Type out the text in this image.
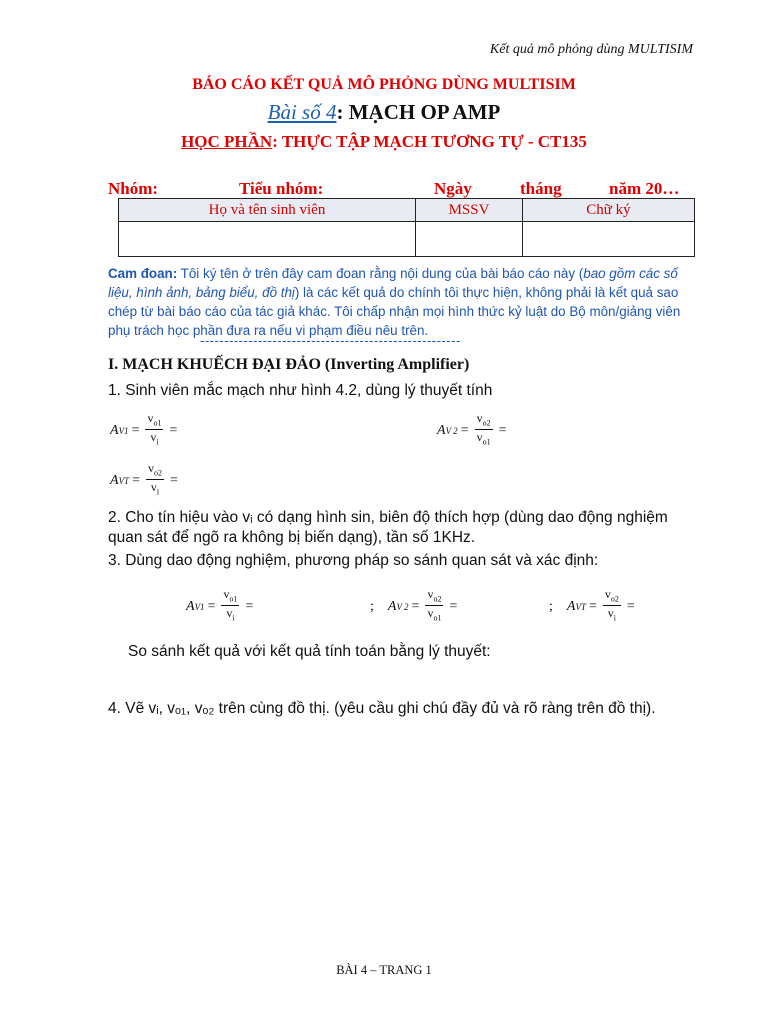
Kết quả mô phỏng dùng MULTISIM
BÁO CÁO KẾT QUẢ MÔ PHỎNG DÙNG MULTISIM
Bài số 4: MẠCH OP AMP
HỌC PHẦN: THỰC TẬP MẠCH TƯƠNG TỰ - CT135
Nhóm:	Tiểu nhóm:	Ngày	tháng	năm 20…
Họ và tên sinh viên	MSSV	Chữ ký

Cam đoan: Tôi ký tên ở trên đây cam đoan rằng nội dung của bài báo cáo này (bao gồm các số liệu, hình ảnh, bảng biểu, đồ thị) là các kết quả do chính tôi thực hiện, không phải là kết quả sao chép từ bài báo cáo của tác giả khác. Tôi chấp nhận mọi hình thức kỷ luật do Bộ môn/giảng viên phụ trách học phần đưa ra nếu vi phạm điều nêu trên.
------------------------------------------------------
I. MẠCH KHUẾCH ĐẠI ĐẢO (Inverting Amplifier)
1. Sinh viên mắc mạch như hình 4.2, dùng lý thuyết tính
A $V1 = \frac{v_{o1}}{v_i}$ =	A V $2 = \frac{v_{o2}}{v_{o1}}$ =
A VT = $\frac{v_{o2}}{v_i}$ =
2. Cho tín hiệu vào vᵢ có dạng hình sin, biên độ thích hợp (dùng dao động nghiệm quan sát để ngõ ra không bị biến dạng), tần số 1KHz.
3. Dùng dao động nghiệm, phương pháp so sánh quan sát và xác định:
A $V1 = \frac{v_{o1}}{v_i}$ =	; A V $2 = \frac{v_{o2}}{v_{o1}}$ =	; A VT = $\frac{v_{o2}}{v_i}$ =
So sánh kết quả với kết quả tính toán bằng lý thuyết:
4. Vẽ vᵢ, vₒ₁, vₒ₂ trên cùng đồ thị. (yêu cầu ghi chú đầy đủ và rõ ràng trên đồ thị).
BÀI 4 – TRANG 1
